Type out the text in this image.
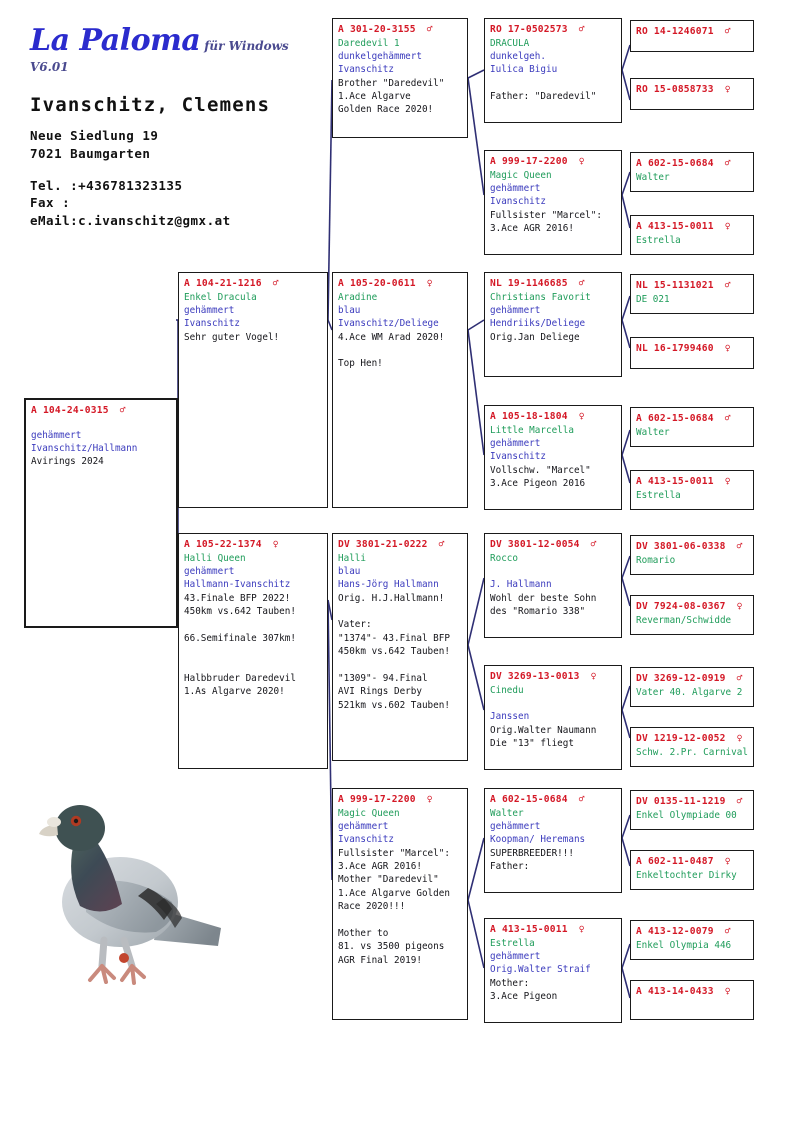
La Paloma für Windows V6.01
Ivanschitz, Clemens
Neue Siedlung 19
7021 Baumgarten
Tel. :+436781323135
Fax :
eMail:c.ivanschitz@gmx.at
A 104-24-0315 ♂
gehämmert
Ivanschitz/Hallmann
Avirings 2024
A 104-21-1216 ♂
Enkel Dracula
gehämmert
Ivanschitz
Sehr guter Vogel!
A 105-22-1374 ♀
Halli Queen
gehämmert
Hallmann-Ivanschitz
43.Finale BFP 2022!
450km vs.642 Tauben!

66.Semifinale 307km!

Halbbruder Daredevil
1.As Algarve 2020!
A 301-20-3155 ♂
Daredevil 1
dunkelgehämmert
Ivanschitz
Brother "Daredevil"
1.Ace Algarve
Golden Race 2020!
A 105-20-0611 ♀
Aradine
blau
Ivanschitz/Deliege
4.Ace WM Arad 2020!

Top Hen!
DV 3801-21-0222 ♂
Halli
blau
Hans-Jörg Hallmann
Orig. H.J.Hallmann!

Vater:
"1374"- 43.Final BFP
450km vs.642 Tauben!

"1309"- 94.Final
AVI Rings Derby
521km vs.602 Tauben!
A 999-17-2200 ♀
Magic Queen
gehämmert
Ivanschitz
Fullsister "Marcel":
3.Ace AGR 2016!
Mother "Daredevil"
1.Ace Algarve Golden
Race 2020!!!

Mother to
81. vs 3500 pigeons
AGR Final 2019!
RO 17-0502573 ♂
DRACULA
dunkelgeh.
Iulica Bigiu

Father: "Daredevil"
A 999-17-2200 ♀
Magic Queen
gehämmert
Ivanschitz
Fullsister "Marcel":
3.Ace AGR 2016!
NL 19-1146685 ♂
Christians Favorit
gehämmert
Hendriiks/Deliege
Orig.Jan Deliege
A 105-18-1804 ♀
Little Marcella
gehämmert
Ivanschitz
Vollschw. "Marcel"
3.Ace Pigeon 2016
DV 3801-12-0054 ♂
Rocco

J. Hallmann
Wohl der beste Sohn
des "Romario 338"
DV 3269-13-0013 ♀
Cinedu

Janssen
Orig.Walter Naumann
Die "13" fliegt
A 602-15-0684 ♂
Walter
gehämmert
Koopman/ Heremans
SUPERBREEDER!!!
Father:
A 413-15-0011 ♀
Estrella
gehämmert
Orig.Walter Straif
Mother:
3.Ace Pigeon
RO 14-1246071 ♂
RO 15-0858733 ♀
A 602-15-0684 ♂
Walter
A 413-15-0011 ♀
Estrella
NL 15-1131021 ♂
DE 021
NL 16-1799460 ♀
A 602-15-0684 ♂
Walter
A 413-15-0011 ♀
Estrella
DV 3801-06-0338 ♂
Romario
DV 7924-08-0367 ♀
Reverman/Schwidde
DV 3269-12-0919 ♂
Vater 40. Algarve 2
DV 1219-12-0052 ♀
Schw. 2.Pr. Carnival
DV 0135-11-1219 ♂
Enkel Olympiade 00
A 602-11-0487 ♀
Enkeltochter Dirky
A 413-12-0079 ♂
Enkel Olympia 446
A 413-14-0433 ♀
